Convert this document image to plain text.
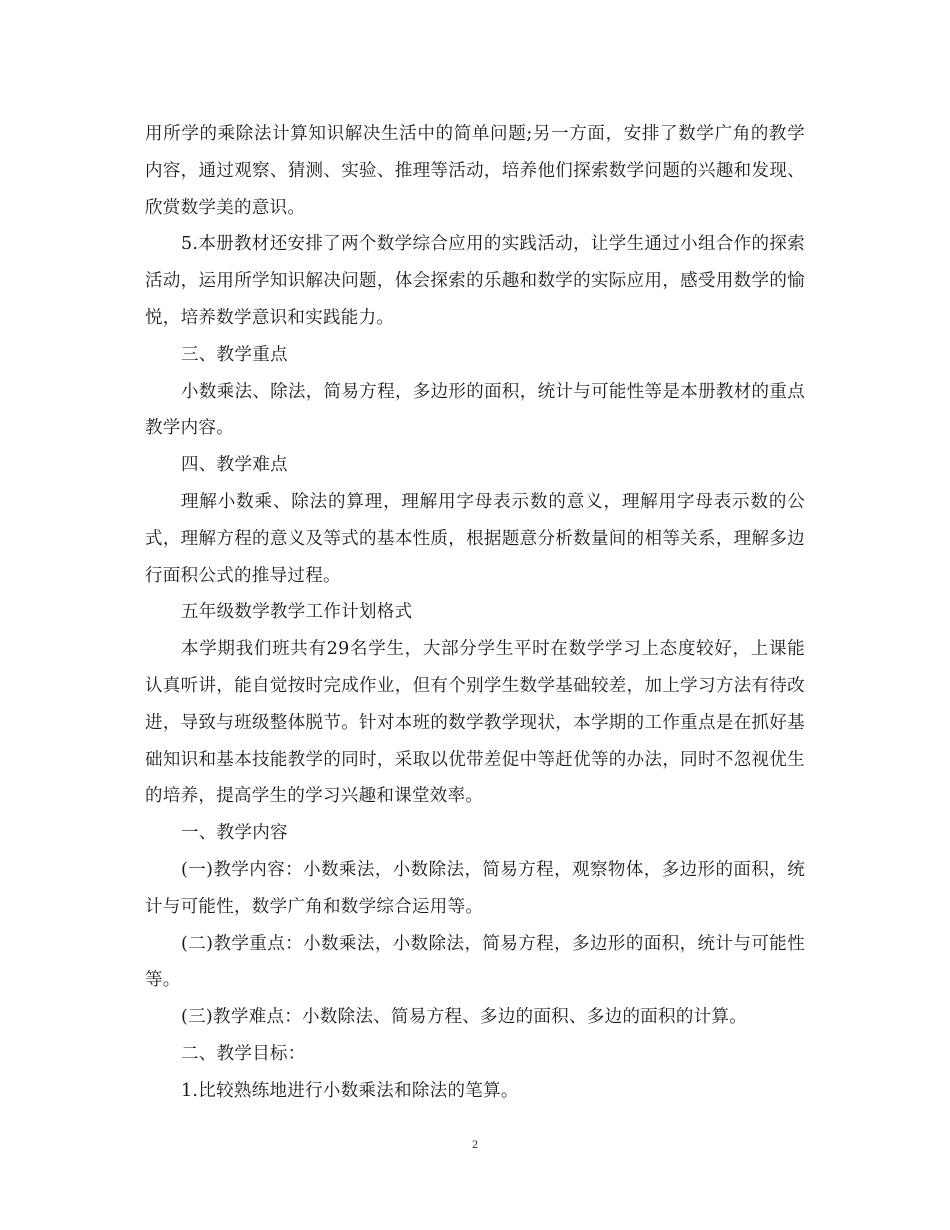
用所学的乘除法计算知识解决生活中的简单问题;另一方面，安排了数学广角的教学内容，通过观察、猜测、实验、推理等活动，培养他们探索数学问题的兴趣和发现、欣赏数学美的意识。

5.本册教材还安排了两个数学综合应用的实践活动，让学生通过小组合作的探索活动，运用所学知识解决问题，体会探索的乐趣和数学的实际应用，感受用数学的愉悦，培养数学意识和实践能力。

三、教学重点

小数乘法、除法，简易方程，多边形的面积，统计与可能性等是本册教材的重点教学内容。

四、教学难点

理解小数乘、除法的算理，理解用字母表示数的意义，理解用字母表示数的公式，理解方程的意义及等式的基本性质，根据题意分析数量间的相等关系，理解多边行面积公式的推导过程。

五年级数学教学工作计划格式

本学期我们班共有29名学生，大部分学生平时在数学学习上态度较好，上课能认真听讲，能自觉按时完成作业，但有个别学生数学基础较差，加上学习方法有待改进，导致与班级整体脱节。针对本班的数学教学现状，本学期的工作重点是在抓好基础知识和基本技能教学的同时，采取以优带差促中等赶优等的办法，同时不忽视优生的培养，提高学生的学习兴趣和课堂效率。

一、教学内容

(一)教学内容：小数乘法，小数除法，简易方程，观察物体，多边形的面积，统计与可能性，数学广角和数学综合运用等。

(二)教学重点：小数乘法，小数除法，简易方程，多边形的面积，统计与可能性等。

(三)教学难点：小数除法、简易方程、多边的面积、多边的面积的计算。

二、教学目标：

1.比较熟练地进行小数乘法和除法的笔算。

2
